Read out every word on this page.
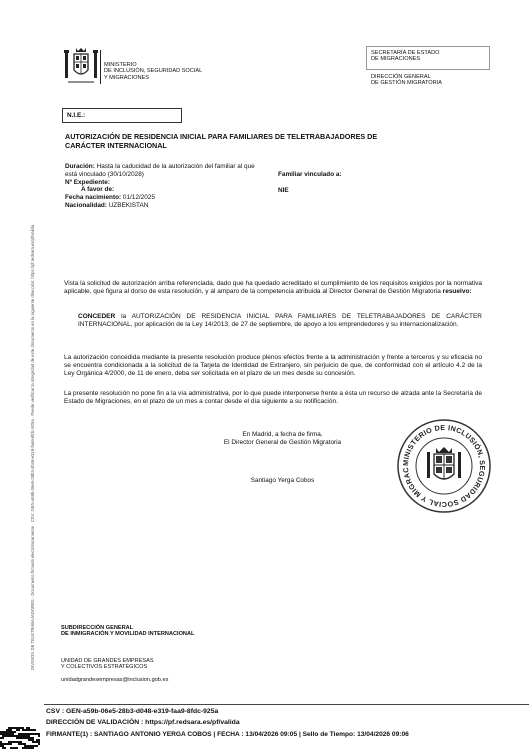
DIVISIÓN DE TELETRABAJADORES · Documento firmado electrónicamente · CSV: GEN-a59b-06e5-28b3-d048-e319-faa9-8fdc-925a · Puede verificar la integridad de este documento en la siguiente dirección: https://pf.redsara.es/pf/valida
MINISTERIO
DE INCLUSIÓN, SEGURIDAD SOCIAL
Y MIGRACIONES
SECRETARÍA DE ESTADO
DE MIGRACIONES
DIRECCIÓN GENERAL
DE GESTIÓN MIGRATORIA
N.I.E.:
AUTORIZACIÓN DE RESIDENCIA INICIAL PARA FAMILIARES DE TELETRABAJADORES DE CARÁCTER INTERNACIONAL
Duración: Hasta la caducidad de la autorización del familiar al que está vinculado (30/10/2028)
Nº Expediente:
A favor de:
Fecha nacimiento: 01/12/2025
Nacionalidad: UZBEKISTAN
Familiar vinculado a:
NIE
Vista la solicitud de autorización arriba referenciada, dado que ha quedado acreditado el cumplimiento de los requisitos exigidos por la normativa aplicable, que figura al dorso de esta resolución, y al amparo de la competencia atribuida al Director General de Gestión Migratoria resuelvo:
CONCEDER la AUTORIZACIÓN DE RESIDENCIA INICIAL PARA FAMILIARES DE TELETRABAJADORES DE CARÁCTER INTERNACIONAL, por aplicación de la Ley 14/2013, de 27 de septiembre, de apoyo a los emprendedores y su internacionalización.
La autorización concedida mediante la presente resolución produce plenos efectos frente a la administración y frente a terceros y su eficacia no se encuentra condicionada a la solicitud de la Tarjeta de Identidad de Extranjero, sin perjuicio de que, de conformidad con el artículo 4.2 de la Ley Orgánica 4/2000, de 11 de enero, deba ser solicitada en el plazo de un mes desde su concesión.
La presente resolución no pone fin a la vía administrativa, por lo que puede interponerse frente a ésta un recurso de alzada ante la Secretaría de Estado de Migraciones, en el plazo de un mes a contar desde el día siguiente a su notificación.
En Madrid, a fecha de firma,
El Director General de Gestión Migratoria
Santiago Yerga Cobos
MINISTERIO DE INCLUSIÓN, SEGURIDAD SOCIAL Y MIGRAC
SUBDIRECCIÓN GENERAL
DE INMIGRACIÓN Y MOVILIDAD INTERNACIONAL
UNIDAD DE GRANDES EMPRESAS
Y COLECTIVOS ESTRATÉGICOS
unidadgrandesempresas@inclusion.gob.es
CSV : GEN-a59b-06e5-28b3-d048-e319-faa9-8fdc-925a
DIRECCIÓN DE VALIDACIÓN : https://pf.redsara.es/pf/valida
FIRMANTE(1) : SANTIAGO ANTONIO YERGA COBOS | FECHA : 13/04/2026 09:05 | Sello de Tiempo: 13/04/2026 09:06
